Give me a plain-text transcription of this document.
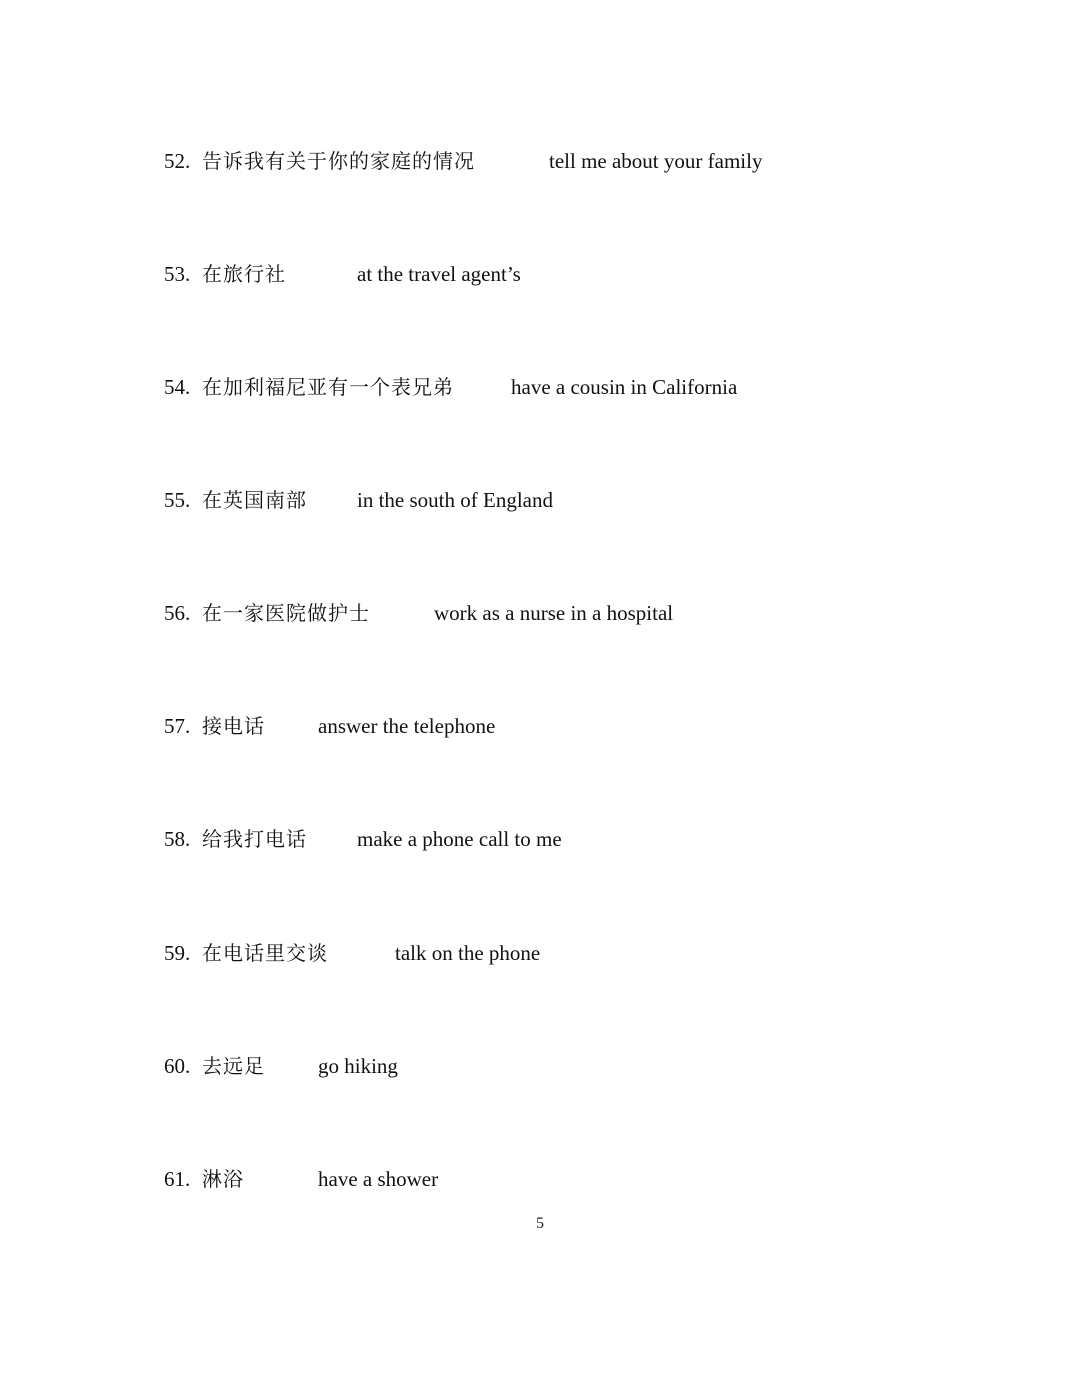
52. 告诉我有关于你的家庭的情况	tell me about your family
53. 在旅行社	at the travel agent’s
54. 在加利福尼亚有一个表兄弟	have a cousin in California
55. 在英国南部 in the south of England
56. 在一家医院做护士	work as a nurse in a hospital
57. 接电话	answer the telephone
58. 给我打电话 make a phone call to me
59. 在电话里交谈	talk on the phone
60. 去远足	go hiking
61. 淋浴	have a shower
5
